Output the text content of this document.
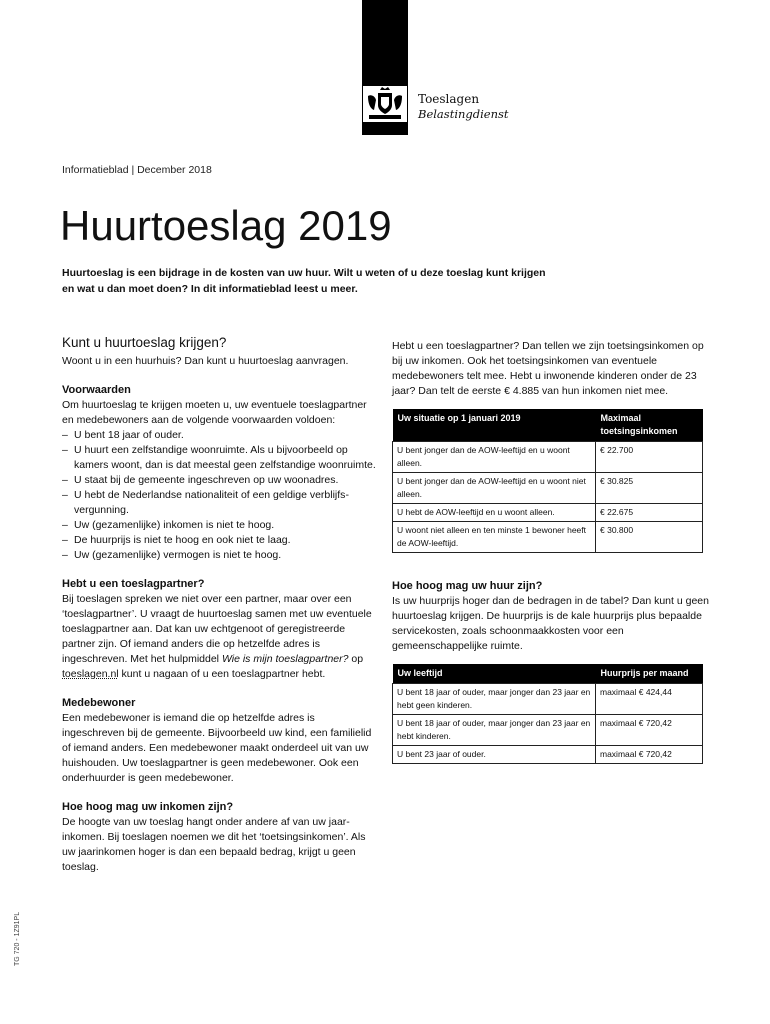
Toeslagen
Belastingdienst
Informatieblad | December 2018
Huurtoeslag 2019
Huurtoeslag is een bijdrage in de kosten van uw huur. Wilt u weten of u deze toeslag kunt krijgen en wat u dan moet doen? In dit informatieblad leest u meer.
Kunt u huurtoeslag krijgen?

Woont u in een huurhuis? Dan kunt u huurtoeslag aanvragen.

Voorwaarden

Om huurtoeslag te krijgen moeten u, uw eventuele toeslagpartner en medebewoners aan de volgende voorwaarden voldoen:

– U bent 18 jaar of ouder.
– U huurt een zelfstandige woonruimte. Als u bijvoorbeeld op kamers woont, dan is dat meestal geen zelfstandige woonruimte.
– U staat bij de gemeente ingeschreven op uw woonadres.
– U hebt de Nederlandse nationaliteit of een geldige verblijfsvergunning.
– Uw (gezamenlijke) inkomen is niet te hoog.
– De huurprijs is niet te hoog en ook niet te laag.
– Uw (gezamenlijke) vermogen is niet te hoog.
Hebt u een toeslagpartner?

Bij toeslagen spreken we niet over een partner, maar over een ‘toeslagpartner’. U vraagt de huurtoeslag samen met uw eventuele toeslagpartner aan. Dat kan uw echtgenoot of geregistreerde partner zijn. Of iemand anders die op hetzelfde adres is ingeschreven. Met het hulpmiddel Wie is mijn toeslagpartner? op toeslagen.nl kunt u nagaan of u een toeslagpartner hebt.

Medebewoner

Een medebewoner is iemand die op hetzelfde adres is ingeschreven bij de gemeente. Bijvoorbeeld uw kind, een familielid of iemand anders. Een medebewoner maakt onderdeel uit van uw huishouden. Uw toeslagpartner is geen medebewoner. Ook een onderhuurder is geen medebewoner.

Hoe hoog mag uw inkomen zijn?

De hoogte van uw toeslag hangt onder andere af van uw jaarinkomen. Bij toeslagen noemen we dit het ‘toetsingsinkomen’. Als uw jaarinkomen hoger is dan een bepaald bedrag, krijgt u geen toeslag.

Hebt u een toeslagpartner? Dan tellen we zijn toetsingsinkomen op bij uw inkomen. Ook het toetsingsinkomen van eventuele medebewoners telt mee. Hebt u inwonende kinderen onder de 23 jaar? Dan telt de eerste € 4.885 van hun inkomen niet mee.

Uw situatie op 1 januari 2019	Maximaal toetsingsinkomen
U bent jonger dan de AOW-leeftijd en u woont alleen.	€ 22.700
U bent jonger dan de AOW-leeftijd en u woont niet alleen.	€ 30.825
U hebt de AOW-leeftijd en u woont alleen.	€ 22.675
U woont niet alleen en ten minste 1 bewoner heeft de AOW-leeftijd.	€ 30.800
Hoe hoog mag uw huur zijn?

Is uw huurprijs hoger dan de bedragen in de tabel? Dan kunt u geen huurtoeslag krijgen. De huurprijs is de kale huurprijs plus bepaalde servicekosten, zoals schoonmaakkosten voor een gemeenschappelijke ruimte.

Uw leeftijd	Huurprijs per maand
U bent 18 jaar of ouder, maar jonger dan 23 jaar en hebt geen kinderen.	maximaal € 424,44
U bent 18 jaar of ouder, maar jonger dan 23 jaar en hebt kinderen.	maximaal € 720,42
U bent 23 jaar of ouder.	maximaal € 720,42
TG 720 - 1Z91PL
